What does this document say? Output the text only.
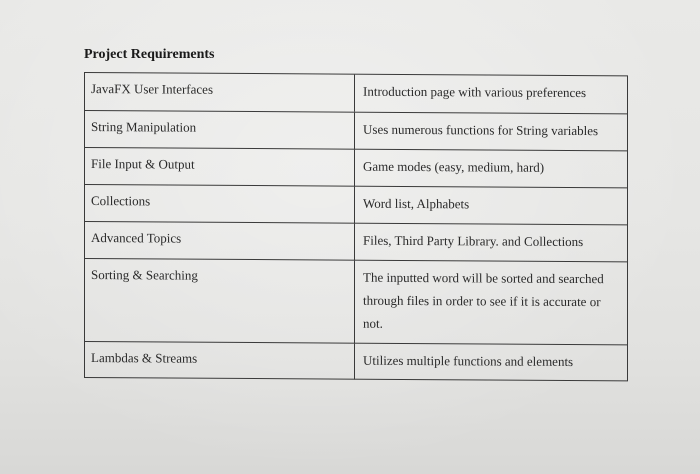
Project Requirements
JavaFX User Interfaces	Introduction page with various preferences
String Manipulation	Uses numerous functions for String variables
File Input & Output	Game modes (easy, medium, hard)
Collections	Word list, Alphabets
Advanced Topics	Files, Third Party Library. and Collections
Sorting & Searching	The inputted word will be sorted and searched through files in order to see if it is accurate or not.
Lambdas & Streams	Utilizes multiple functions and elements
